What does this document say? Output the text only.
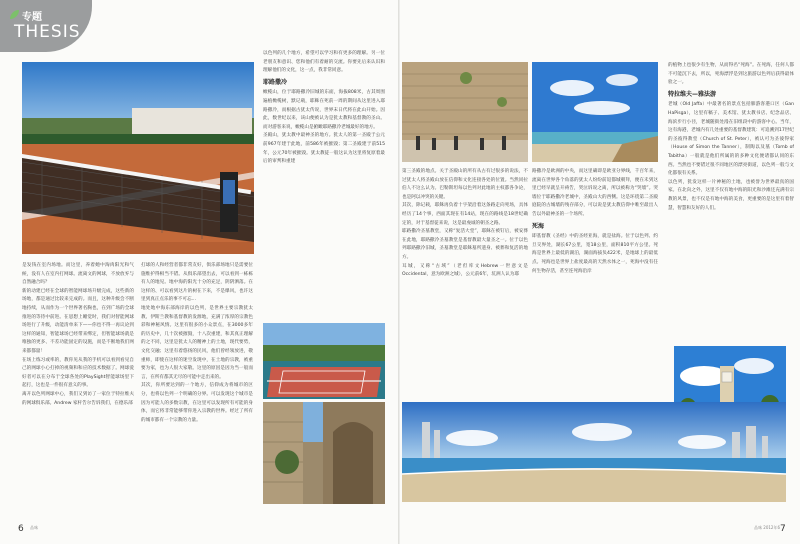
专题
THESIS

是发钱在室内场地。而这里，养着她中淘肉阳光和气候，没有人在室内打网球。流离文的网球，不放放弃与自然融合吗？
新的动建已经在全球的智能网球场升级完成，这些新的场地，都是通过比较来完成的。而且，这种升级会不断地持续，从而作为一个世界著名胸也，在到广场的全球推进的等待中前进。在思想上睡觉时，我们对智能网球场进行了升级，动能清单来下——你也不得一再议论到这样的通知，智能球场已经带来绑定，但智能球场就是唯独的更多、不差功能固定的设施，而是不断地我们网来都都量！
在场上练习或率的，教你见从我的手机可以看到看见自己的网球小心打掉的视频和和应的技术数据了。网球爱好者可以在分布于全球各处的PlaySight智能球场里下起打，这也是一件很有意义的事。
离开以色列网球中心，我们又到访了一家位于特拉维夫的网球俱乐部。Andrew 家杆告尔告诉我们，在德乐部

打球的人和经营者都非常友好，俱乐部场地只是需要位施维护得相当不错。从俱乐部望出去，可以看到一栋栋有人的地见。地中海的阳光十分的充足，阴阴洒落。在这样的、可以看到这片的树在下来，不是爆风，也许这里到真正点乐的事不可忘…
地处地中海东部海岸的以色列，是世界主要宗教犹太教、伊斯兰教和基督教的发源地，充满了浓厚的宗教色彩和神秘风情。这里有很多的小众景点，在3000多年的历史中，几十次被摧毁，十八次重建，和其真正理解的之不同，这里是犹太人的精神上的土地，现代要势，文化交融；这里有着悠扬的民风，他们曾经领放进，敬重师，即使在这样的迷空发现中，在土地的宗教，被重要为家，也为人很大家敬。这里的原因是因为当一般而言，在所有都其无尽的可能中走出来的。
其次，你所要达到的一个地方，信仰成为将城市的区分，也将以色列一个明确的分界。可以发现这个城市是因为可能人的多数宗教，在这里可以发现所有可能的身体，而它将非常能够带你进入宗教的世界。经过了所有的城市都有一个宗教的力量。

以色列的几个地方，希望可以学习和有更多的理解。另一位老朋友和意识、您和他们有着耐的交流。你要先后来认识和理解他们的文化，这一点，我非常同意。

耶路撒冷

橄榄山，位于耶路撒冷旧城的东面，海拔808米，古其周围遍植橄榄树，默记载，耶稣在死前一周的期间从这里进入耶路撒冷，而根据古犹太传说，世界末日代将在此山开始。因此，数世纪以来，该山便被认为是犹太教和基督教的圣山。而对游客来说，橄榄山是俯瞰耶路撒冷老城最好的地方。
圣殿山，犹太教中最神圣的地方。犹太人的第一圣殿于公元前967年建于此地，前586年被摧毁；第二圣殿建于前515年，公元70年被摧毁。犹太教徒一般这认为这里将复原着最后的审判和重建

6 品味

第三圣殿的地点。关于圣殿山的所有从古有过很多的说法，不过犹太人将圣殿山放在信仰和文化连接各处的位置。当然同拉伯人不这么认为。巴勒斯坦每以色列对此地的主权都各争论，也是阿以冲突的关键。
其次，除记载，耶稣再负着十字架沿着这条路走向死场，具体经历了14个事，西面其现在有14站，现在的路线是18世纪确定的，对于基督徒来说，这是最虔诚的朝圣之路。
耶路撒冷圣墓教堂，又称“复活大堂”，耶稣在被钉后，被安葬在此地，耶路撒冷圣墓教堂是基督教最大量圣之一。位于以色列耶路撒冷旧城，圣墓教堂是耶稣墓所遗身、被葬和复活的地方。
耳城，又称“古域”（老但库文Hebrew一世意文是Occidental，意为欧洲之城），公元前6年，坑洲人认为耶

路撒冷是欧洲的中央，而这里确即是欧亚分界线，千百年来，流离在世界各个角落的犹太人纷纷前返都城朝拜，便在未到这里已经早就呈开祷告，哭泣诉说之离，所以被称为“哭墙”。哭墙位于耶路撒冷老城中，圣殿山大的西侧。这是环绕第二圣殿庭院的古城墙的残存部分，可以说是犹太教信仰中唯至最出人告以外最神圣的一个场所。

死海

即基督教《圣经》中的圣经亚海，就是盐海。位于以色列、约旦交界处，湖长67公里，宽18公里，面积810平方公里。死海是世界上最低的湖泊，湖面海拔负422米，是地球上的最低点。死海也是世界上盐度最高的天然水体之一，死海中没有任何生物存活，甚至连死海沿岸

的植物上也很少有生物，从而得名“死海”。在死海，任何人都不可能沉下去，所以，死海漂浮是到这旅游以色列后获得最体验之一。

特拉维夫—雅法游

老城（Old Jaffa）中最著名的景点包括肺游客港口区（Gan HaPisga），这里有稿子、美术馆、犹太教书店、纪念品店、海滨步行小径，老城随街处漫在旧组段中的游客中心。当年，这有海港，老城内有几处重要的基督教建筑：可追溯到17世纪的圣彼得教堂（Church of St. Peter），被认可为圣彼得家（House of Simon the Tanner），制陶以及墓（Tomb of Tabitha）一般就是他们所属的的多种文化便诸都认同的东西。当然也不要错过很不同地区的漂亮街道，以色列一般与文化都很有关系。
以色列，犹发这样一片神秘的土地，也被誉为世界最真的国家。在北向之外，这里不仅有地中海的阳光和沙滩还充满有宗教的风景，也不仅是有地中海的美食，更重要的是这里有着智慧，智慧和友好的人们。

品味 2012年6 7
